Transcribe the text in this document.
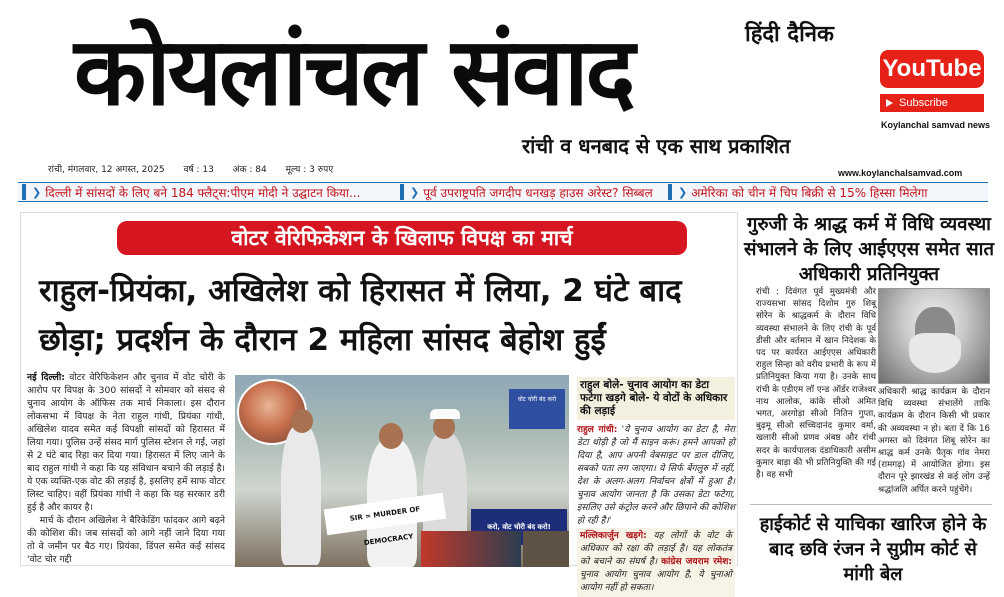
हिंदी दैनिक
कोयलांचल संवाद
रांची व धनबाद से एक साथ प्रकाशित
YouTube
Subscribe
Koylanchal samvad news
रांची, मंगलवार, 12 अगस्त, 2025 वर्ष : 13 अंक : 84 मूल्य : 3 रुपए	www.koylanchalsamvad.com
❯ दिल्ली में सांसदों के लिए बने 184 फ्लैट्स:पीएम मोदी ने उद्घाटन किया...	❯ पूर्व उपराष्ट्रपति जगदीप धनखड़ हाउस अरेस्ट? सिब्बल ❯ अमेरिका को चीन में चिप बिक्री से 15% हिस्सा मिलेगा
वोटर वेरिफिकेशन के खिलाफ विपक्ष का मार्च
राहुल-प्रियंका, अखिलेश को हिरासत में लिया, 2 घंटे बाद छोड़ा; प्रदर्शन के दौरान 2 महिला सांसद बेहोश हुईं
नई दिल्ली: वोटर वेरिफिकेशन और चुनाव में वोट चोरी के आरोप पर विपक्ष के 300 सांसदों ने सोमवार को संसद से चुनाव आयोग के ऑफिस तक मार्च निकाला। इस दौरान लोकसभा में विपक्ष के नेता राहुल गांधी, प्रियंका गांधी, अखिलेश यादव समेत कई विपक्षी सांसदों को हिरासत में लिया गया। पुलिस उन्हें संसद मार्ग पुलिस स्टेशन ले गई, जहां से 2 घंटे बाद रिहा कर दिया गया। हिरासत में लिए जाने के बाद राहुल गांधी ने कहा कि यह संविधान बचाने की लड़ाई है। ये एक व्यक्ति-एक वोट की लड़ाई है, इसलिए हमें साफ वोटर लिस्ट चाहिए। वहीं प्रियंका गांधी ने कहा कि यह सरकार डरी हुई है और कायर है।
मार्च के दौरान अखिलेश ने बैरिकेडिंग फांदकर आगे बढ़ने की कोशिश की। जब सांसदों को आगे नहीं जाने दिया गया तो वे जमीन पर बैठ गए। प्रियंका, डिंपल समेत कई सांसद 'वोट चोर गद्दी
वोट चोरी बंद करो
SIR = MURDER OF DEMOCRACY
करो, वोट चोरी बंद करो!
राहुल बोले- चुनाव आयोग का डेटा फटेगा खड़गे बोले- ये वोटों के अधिकार की लड़ाई
राहुल गांधी: 'ये चुनाव आयोग का डेटा है, मेरा डेटा थोड़ी है जो मैं साइन करूं। हमने आपको हो दिया है, आप अपनी वेबसाइट पर डाल दीजिए, सबको पता लग जाएगा। ये सिर्फ बेंगलुरु में नहीं, देश के अलग-अलग निर्वाचन क्षेत्रों में हुआ है। चुनाव आयोग जानता है कि उसका डेटा फटेगा, इसलिए उसे कंट्रोल करने और छिपाने की कोशिश हो रही है।'
मल्लिकार्जुन खड़गे: यह लोगों के वोट के अधिकार को रक्षा की लड़ाई है। यह लोकतंत्र को बचाने का संघर्ष है। कांग्रेस जयराम रमेश: चुनाव आयोग चुनाव आयोग है, ये चुनाओ आयोग नहीं हो सकता।
गुरुजी के श्राद्ध कर्म में विधि व्यवस्था संभालने के लिए आईएएस समेत सात अधिकारी प्रतिनियुक्त
रांची : दिवंगत पूर्व मुख्यमंत्री और राज्यसभा सांसद दिशोम गुरु शिबू सोरेन के श्राद्धकर्म के दौरान विधि व्यवस्था संभालने के लिए रांची के पूर्व डीसी और वर्तमान में खान निदेशक के पद पर कार्यरत आईएएस अधिकारी राहुल सिन्हा को वरीय प्रभारी के रूप में प्रतिनियुक्त किया गया है। उनके साथ रांची के एडीएम लॉ एन्ड ऑर्डर राजेश्वर नाथ आलोक, कांके सीओ अमित भगत, अरगोड़ा सीओ नितिन गुप्ता, बुढ़मू सीओ सच्चिदानंद कुमार वर्मा, खलारी सीओ प्रणव अंबष्ठ और रांची सदर के कार्यपालक दंडाधिकारी असीम कुमार बाड़ा की भी प्रतिनियुक्ति की गई है। वह सभी
अधिकारी श्राद्ध कार्यक्रम के दौरान विधि व्यवस्था संभालेंगे ताकि कार्यक्रम के दौरान किसी भी प्रकार की अव्यवस्था न हो। बता दें कि 16 अगस्त को दिवंगत शिबू सोरेन का श्राद्ध कर्म उनके पैतृक गांव नेमरा (रामगढ़) में आयोजित होगा। इस दौरान पूरे झारखंड से कई लोग उन्हें श्रद्धांजलि अर्पित करने पहुंचेंगे।
हाईकोर्ट से याचिका खारिज होने के बाद छवि रंजन ने सुप्रीम कोर्ट से मांगी बेल
